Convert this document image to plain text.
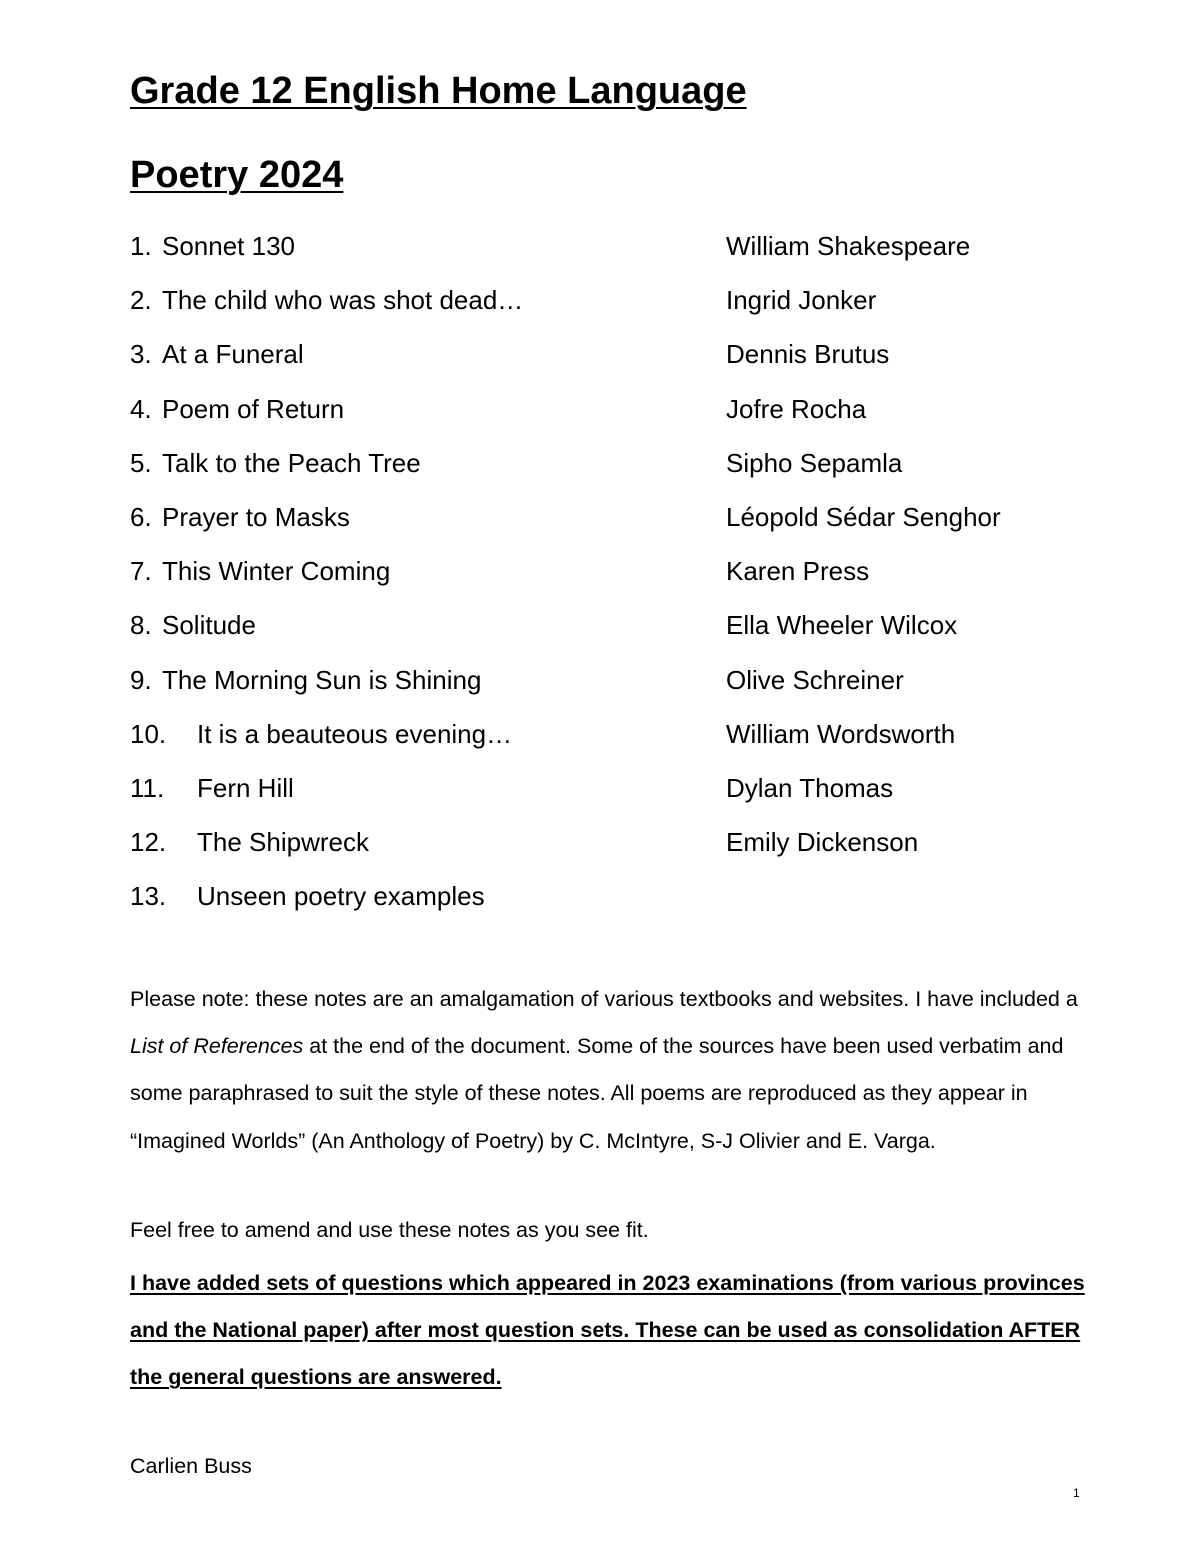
Grade 12 English Home Language
Poetry 2024
1. Sonnet 130	William Shakespeare
2. The child who was shot dead…	Ingrid Jonker
3. At a Funeral	Dennis Brutus
4. Poem of Return	Jofre Rocha
5. Talk to the Peach Tree	Sipho Sepamla
6. Prayer to Masks	Léopold Sédar Senghor
7. This Winter Coming	Karen Press
8. Solitude	Ella Wheeler Wilcox
9. The Morning Sun is Shining	Olive Schreiner
10. It is a beauteous evening…	William Wordsworth
11. Fern Hill	Dylan Thomas
12. The Shipwreck	Emily Dickenson
13. Unseen poetry examples

Please note: these notes are an amalgamation of various textbooks and websites. I have included a List of References at the end of the document. Some of the sources have been used verbatim and some paraphrased to suit the style of these notes. All poems are reproduced as they appear in “Imagined Worlds” (An Anthology of Poetry) by C. McIntyre, S-J Olivier and E. Varga.

Feel free to amend and use these notes as you see fit.

I have added sets of questions which appeared in 2023 examinations (from various provinces and the National paper) after most question sets. These can be used as consolidation AFTER the general questions are answered.

Carlien Buss

1
